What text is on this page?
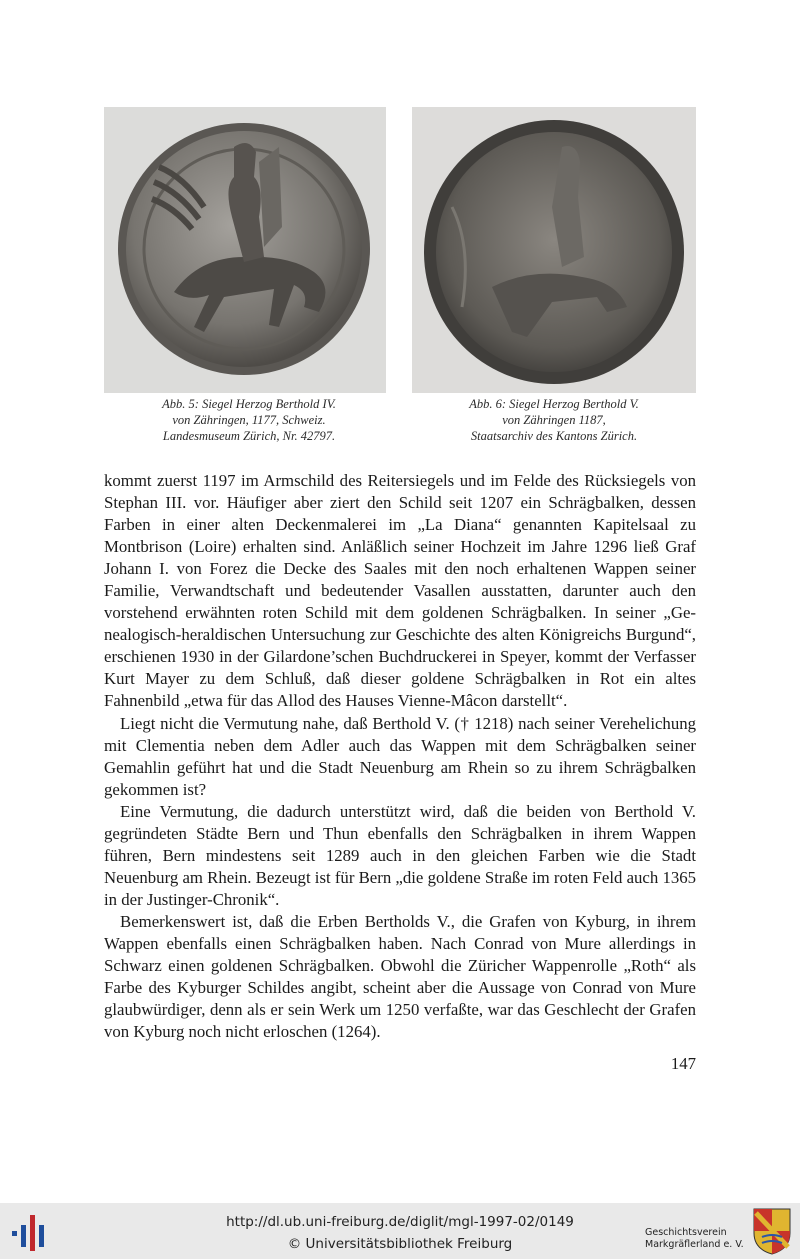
Abb. 5: Siegel Herzog Berthold IV.
von Zähringen, 1177, Schweiz.
Landesmuseum Zürich, Nr. 42797.
Abb. 6: Siegel Herzog Berthold V.
von Zähringen 1187,
Staatsarchiv des Kantons Zürich.

kommt zuerst 1197 im Armschild des Reitersiegels und im Felde des Rücksiegels von Stephan III. vor. Häufiger aber ziert den Schild seit 1207 ein Schrägbalken, dessen Farben in einer alten Deckenmalerei im „La Diana“ genannten Kapitelsaal zu Montbrison (Loire) erhalten sind. Anläßlich seiner Hochzeit im Jahre 1296 ließ Graf Johann I. von Forez die Decke des Saales mit den noch erhaltenen Wappen seiner Familie, Verwandtschaft und bedeutender Vasallen ausstatten, darunter auch den vorstehend erwähnten roten Schild mit dem goldenen Schrägbalken. In seiner „Genealogisch-heraldischen Untersuchung zur Geschichte des alten Königreichs Burgund“, erschienen 1930 in der Gilardone’schen Buchdruckerei in Speyer, kommt der Verfasser Kurt Mayer zu dem Schluß, daß dieser goldene Schrägbalken in Rot ein altes Fahnenbild „etwa für das Allod des Hauses Vienne-Mâcon darstellt“.

Liegt nicht die Vermutung nahe, daß Berthold V. († 1218) nach seiner Verehelichung mit Clementia neben dem Adler auch das Wappen mit dem Schrägbalken seiner Gemahlin geführt hat und die Stadt Neuenburg am Rhein so zu ihrem Schrägbalken gekommen ist?

Eine Vermutung, die dadurch unterstützt wird, daß die beiden von Berthold V. gegründeten Städte Bern und Thun ebenfalls den Schrägbalken in ihrem Wappen führen, Bern mindestens seit 1289 auch in den gleichen Farben wie die Stadt Neuenburg am Rhein. Bezeugt ist für Bern „die goldene Straße im roten Feld auch 1365 in der Justinger-Chronik“.

Bemerkenswert ist, daß die Erben Bertholds V., die Grafen von Kyburg, in ihrem Wappen ebenfalls einen Schrägbalken haben. Nach Conrad von Mure allerdings in Schwarz einen goldenen Schrägbalken. Obwohl die Züricher Wappenrolle „Roth“ als Farbe des Kyburger Schildes angibt, scheint aber die Aussage von Conrad von Mure glaubwürdiger, denn als er sein Werk um 1250 verfaßte, war das Geschlecht der Grafen von Kyburg noch nicht erloschen (1264).

147
http://dl.ub.uni-freiburg.de/diglit/mgl-1997-02/0149
© Universitätsbibliothek Freiburg
Geschichtsverein
Markgräflerland e. V.
